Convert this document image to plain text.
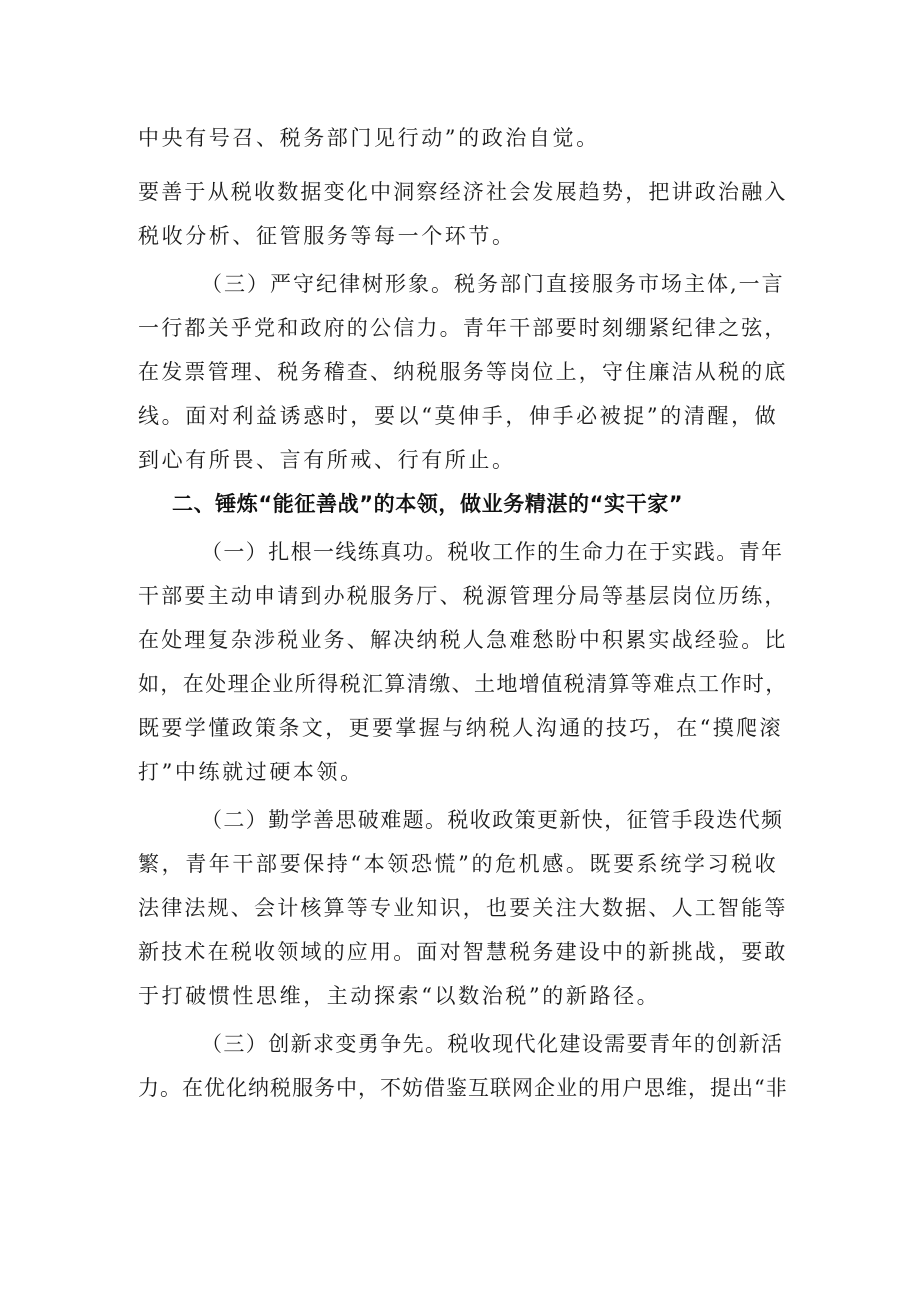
中央有号召、税务部门见行动”的政治自觉。

要善于从税收数据变化中洞察经济社会发展趋势，把讲政治融入
税收分析、征管服务等每一个环节。

（三）严守纪律树形象。税务部门直接服务市场主体,一言
一行都关乎党和政府的公信力。青年干部要时刻绷紧纪律之弦，
在发票管理、税务稽查、纳税服务等岗位上，守住廉洁从税的底
线。面对利益诱惑时，要以“莫伸手，伸手必被捉”的清醒，做
到心有所畏、言有所戒、行有所止。

二、锤炼“能征善战”的本领，做业务精湛的“实干家”

（一）扎根一线练真功。税收工作的生命力在于实践。青年
干部要主动申请到办税服务厅、税源管理分局等基层岗位历练，
在处理复杂涉税业务、解决纳税人急难愁盼中积累实战经验。比
如，在处理企业所得税汇算清缴、土地增值税清算等难点工作时，
既要学懂政策条文，更要掌握与纳税人沟通的技巧，在“摸爬滚
打”中练就过硬本领。

（二）勤学善思破难题。税收政策更新快，征管手段迭代频
繁，青年干部要保持“本领恐慌”的危机感。既要系统学习税收
法律法规、会计核算等专业知识，也要关注大数据、人工智能等
新技术在税收领域的应用。面对智慧税务建设中的新挑战，要敢
于打破惯性思维，主动探索“以数治税”的新路径。

（三）创新求变勇争先。税收现代化建设需要青年的创新活
力。在优化纳税服务中，不妨借鉴互联网企业的用户思维，提出“非
